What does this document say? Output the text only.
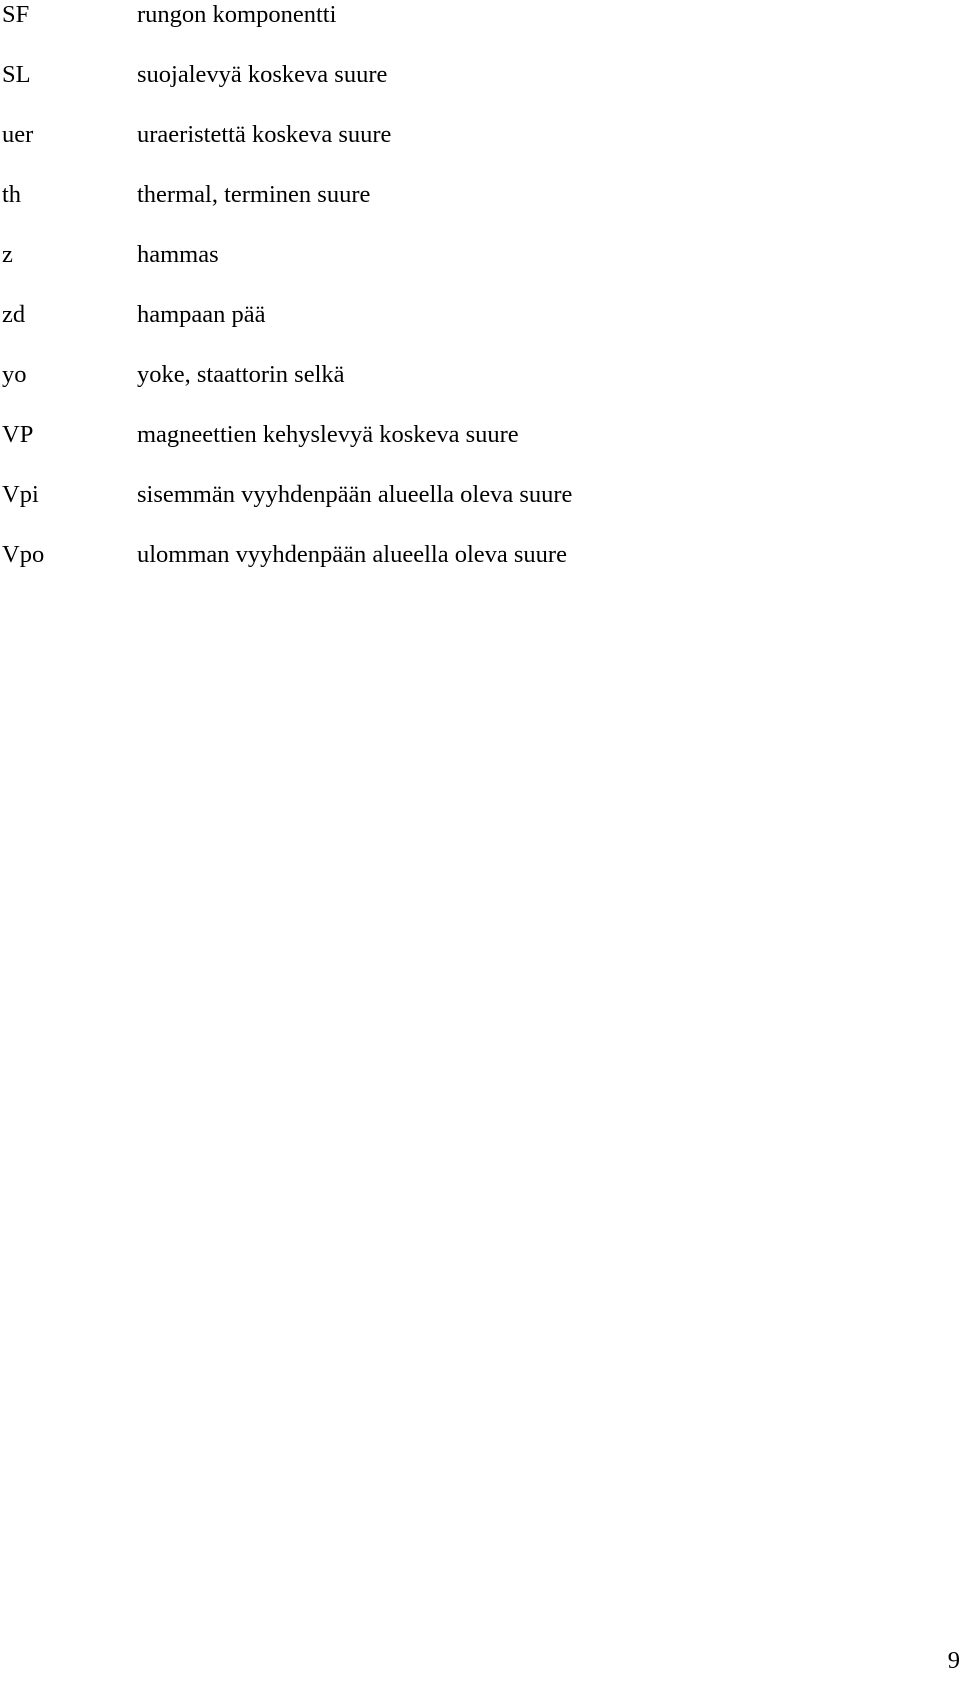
SF	rungon komponentti
SL	suojalevyä koskeva suure
uer	uraeristettä koskeva suure
th	thermal, terminen suure
z	hammas
zd	hampaan pää
yo	yoke, staattorin selkä
VP	magneettien kehyslevyä koskeva suure
Vpi	sisemmän vyyhdenpään alueella oleva suure
Vpo	ulomman vyyhdenpään alueella oleva suure
9
